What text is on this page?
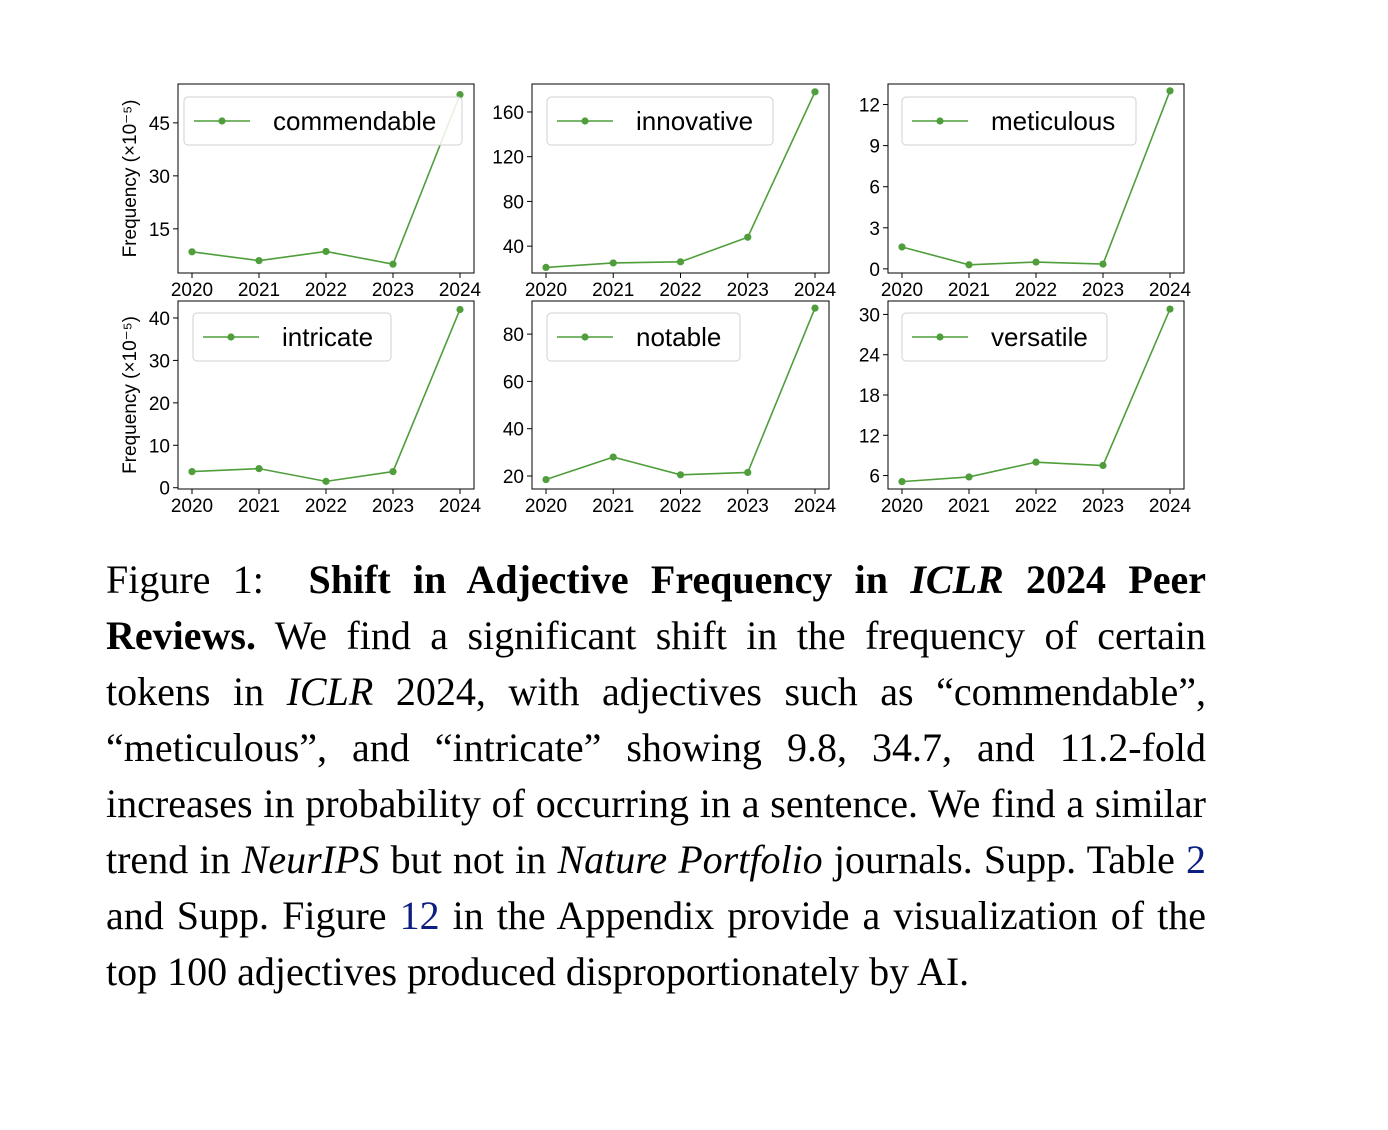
2020 2021 2022 2023 2024
15
30
45
Frequency (×10⁻⁵)	commendable
2020 2021 2022 2023 2024
40
80
120
160	innovative
2020 2021 2022 2023 2024
0
3
6
9
12	meticulous
2020 2021 2022 2023 2024
0
10
20
30
40
Frequency (×10⁻⁵)	intricate
2020 2021 2022 2023 2024
20
40
60
80	notable
2020 2021 2022 2023 2024
6
12
18
24
30
versatile
Figure 1: Shift in Adjective Frequency in ICLR 2024 Peer Reviews. We find a significant shift in the frequency of certain tokens in ICLR 2024, with adjectives such as “commendable”, “meticulous”, and “intricate” showing 9.8, 34.7, and 11.2-fold increases in probability of occurring in a sentence. We find a similar trend in NeurIPS but not in Nature Portfolio journals. Supp. Table 2 and Supp. Figure 12 in the Appendix provide a visualization of the top 100 adjectives produced disproportionately by AI.
